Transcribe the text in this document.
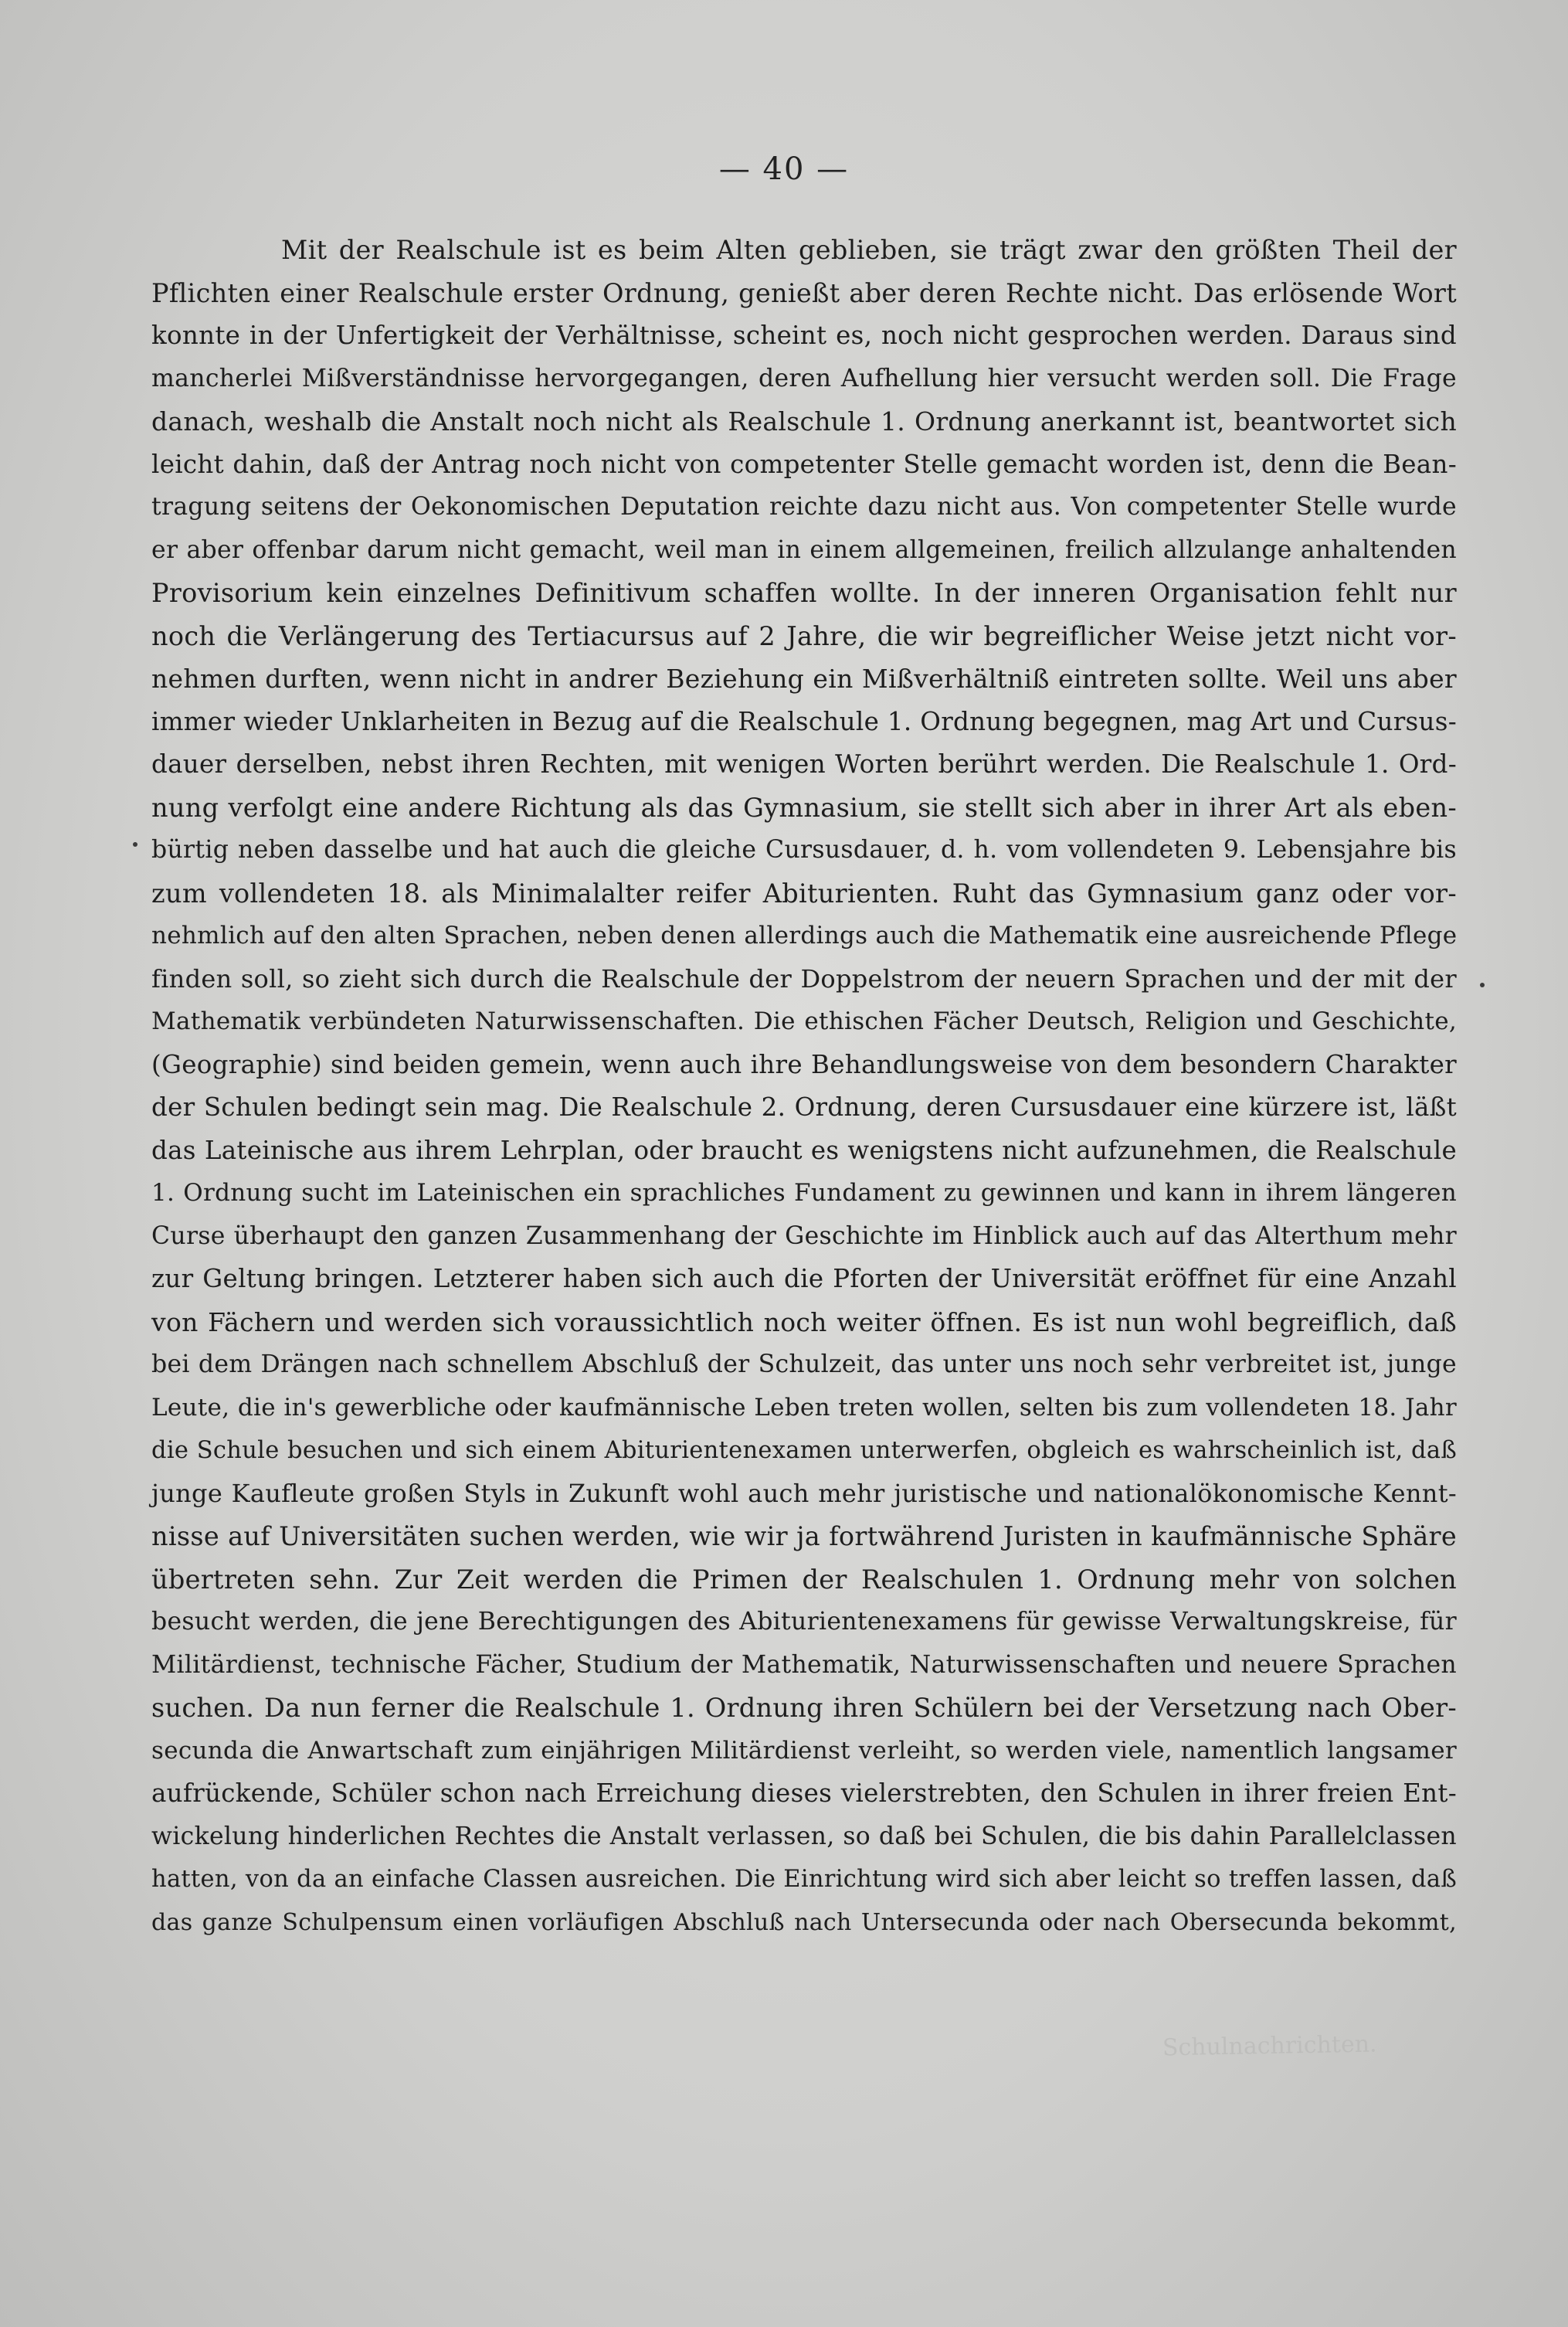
— 40 —
Mit der Realschule ist es beim Alten geblieben, sie trägt zwar den größten Theil der
Pflichten einer Realschule erster Ordnung, genießt aber deren Rechte nicht. Das erlösende Wort
konnte in der Unfertigkeit der Verhältnisse, scheint es, noch nicht gesprochen werden. Daraus sind
mancherlei Mißverständnisse hervorgegangen, deren Aufhellung hier versucht werden soll. Die Frage
danach, weshalb die Anstalt noch nicht als Realschule 1. Ordnung anerkannt ist, beantwortet sich
leicht dahin, daß der Antrag noch nicht von competenter Stelle gemacht worden ist, denn die Bean-
tragung seitens der Oekonomischen Deputation reichte dazu nicht aus. Von competenter Stelle wurde
er aber offenbar darum nicht gemacht, weil man in einem allgemeinen, freilich allzulange anhaltenden
Provisorium kein einzelnes Definitivum schaffen wollte. In der inneren Organisation fehlt nur
noch die Verlängerung des Tertiacursus auf 2 Jahre, die wir begreiflicher Weise jetzt nicht vor-
nehmen durften, wenn nicht in andrer Beziehung ein Mißverhältniß eintreten sollte. Weil uns aber
immer wieder Unklarheiten in Bezug auf die Realschule 1. Ordnung begegnen, mag Art und Cursus-
dauer derselben, nebst ihren Rechten, mit wenigen Worten berührt werden. Die Realschule 1. Ord-
nung verfolgt eine andere Richtung als das Gymnasium, sie stellt sich aber in ihrer Art als eben-
bürtig neben dasselbe und hat auch die gleiche Cursusdauer, d. h. vom vollendeten 9. Lebensjahre bis
zum vollendeten 18. als Minimalalter reifer Abiturienten. Ruht das Gymnasium ganz oder vor-
nehmlich auf den alten Sprachen, neben denen allerdings auch die Mathematik eine ausreichende Pflege
finden soll, so zieht sich durch die Realschule der Doppelstrom der neuern Sprachen und der mit der
Mathematik verbündeten Naturwissenschaften. Die ethischen Fächer Deutsch, Religion und Geschichte,
(Geographie) sind beiden gemein, wenn auch ihre Behandlungsweise von dem besondern Charakter
der Schulen bedingt sein mag. Die Realschule 2. Ordnung, deren Cursusdauer eine kürzere ist, läßt
das Lateinische aus ihrem Lehrplan, oder braucht es wenigstens nicht aufzunehmen, die Realschule
1. Ordnung sucht im Lateinischen ein sprachliches Fundament zu gewinnen und kann in ihrem längeren
Curse überhaupt den ganzen Zusammenhang der Geschichte im Hinblick auch auf das Alterthum mehr
zur Geltung bringen. Letzterer haben sich auch die Pforten der Universität eröffnet für eine Anzahl
von Fächern und werden sich voraussichtlich noch weiter öffnen. Es ist nun wohl begreiflich, daß
bei dem Drängen nach schnellem Abschluß der Schulzeit, das unter uns noch sehr verbreitet ist, junge
Leute, die in's gewerbliche oder kaufmännische Leben treten wollen, selten bis zum vollendeten 18. Jahr
die Schule besuchen und sich einem Abiturientenexamen unterwerfen, obgleich es wahrscheinlich ist, daß
junge Kaufleute großen Styls in Zukunft wohl auch mehr juristische und nationalökonomische Kennt-
nisse auf Universitäten suchen werden, wie wir ja fortwährend Juristen in kaufmännische Sphäre
übertreten sehn. Zur Zeit werden die Primen der Realschulen 1. Ordnung mehr von solchen
besucht werden, die jene Berechtigungen des Abiturientenexamens für gewisse Verwaltungskreise, für
Militärdienst, technische Fächer, Studium der Mathematik, Naturwissenschaften und neuere Sprachen
suchen. Da nun ferner die Realschule 1. Ordnung ihren Schülern bei der Versetzung nach Ober-
secunda die Anwartschaft zum einjährigen Militärdienst verleiht, so werden viele, namentlich langsamer
aufrückende, Schüler schon nach Erreichung dieses vielerstrebten, den Schulen in ihrer freien Ent-
wickelung hinderlichen Rechtes die Anstalt verlassen, so daß bei Schulen, die bis dahin Parallelclassen
hatten, von da an einfache Classen ausreichen. Die Einrichtung wird sich aber leicht so treffen lassen, daß
das ganze Schulpensum einen vorläufigen Abschluß nach Untersecunda oder nach Obersecunda bekommt,
Schulnachrichten.
